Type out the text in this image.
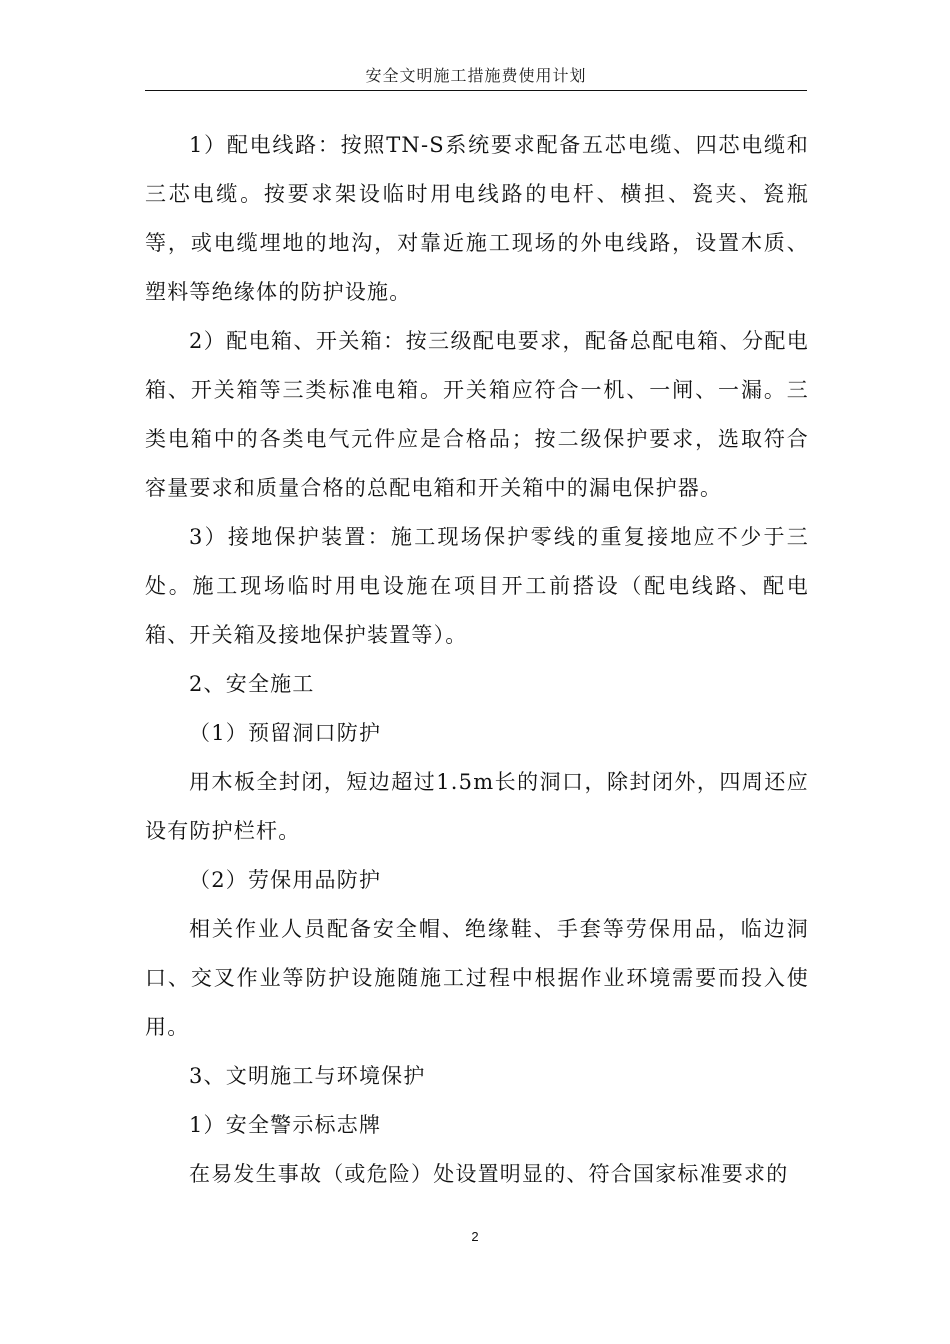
安全文明施工措施费使用计划

1）配电线路：按照TN-S系统要求配备五芯电缆、四芯电缆和三芯电缆。按要求架设临时用电线路的电杆、横担、瓷夹、瓷瓶等，或电缆埋地的地沟，对靠近施工现场的外电线路，设置木质、塑料等绝缘体的防护设施。

2）配电箱、开关箱：按三级配电要求，配备总配电箱、分配电箱、开关箱等三类标准电箱。开关箱应符合一机、一闸、一漏。三类电箱中的各类电气元件应是合格品；按二级保护要求，选取符合容量要求和质量合格的总配电箱和开关箱中的漏电保护器。

3）接地保护装置：施工现场保护零线的重复接地应不少于三处。施工现场临时用电设施在项目开工前搭设（配电线路、配电箱、开关箱及接地保护装置等）。

2、安全施工

（1）预留洞口防护

用木板全封闭，短边超过1.5m长的洞口，除封闭外，四周还应设有防护栏杆。

（2）劳保用品防护

相关作业人员配备安全帽、绝缘鞋、手套等劳保用品，临边洞口、交叉作业等防护设施随施工过程中根据作业环境需要而投入使用。

3、文明施工与环境保护

1）安全警示标志牌

在易发生事故（或危险）处设置明显的、符合国家标准要求的

2
